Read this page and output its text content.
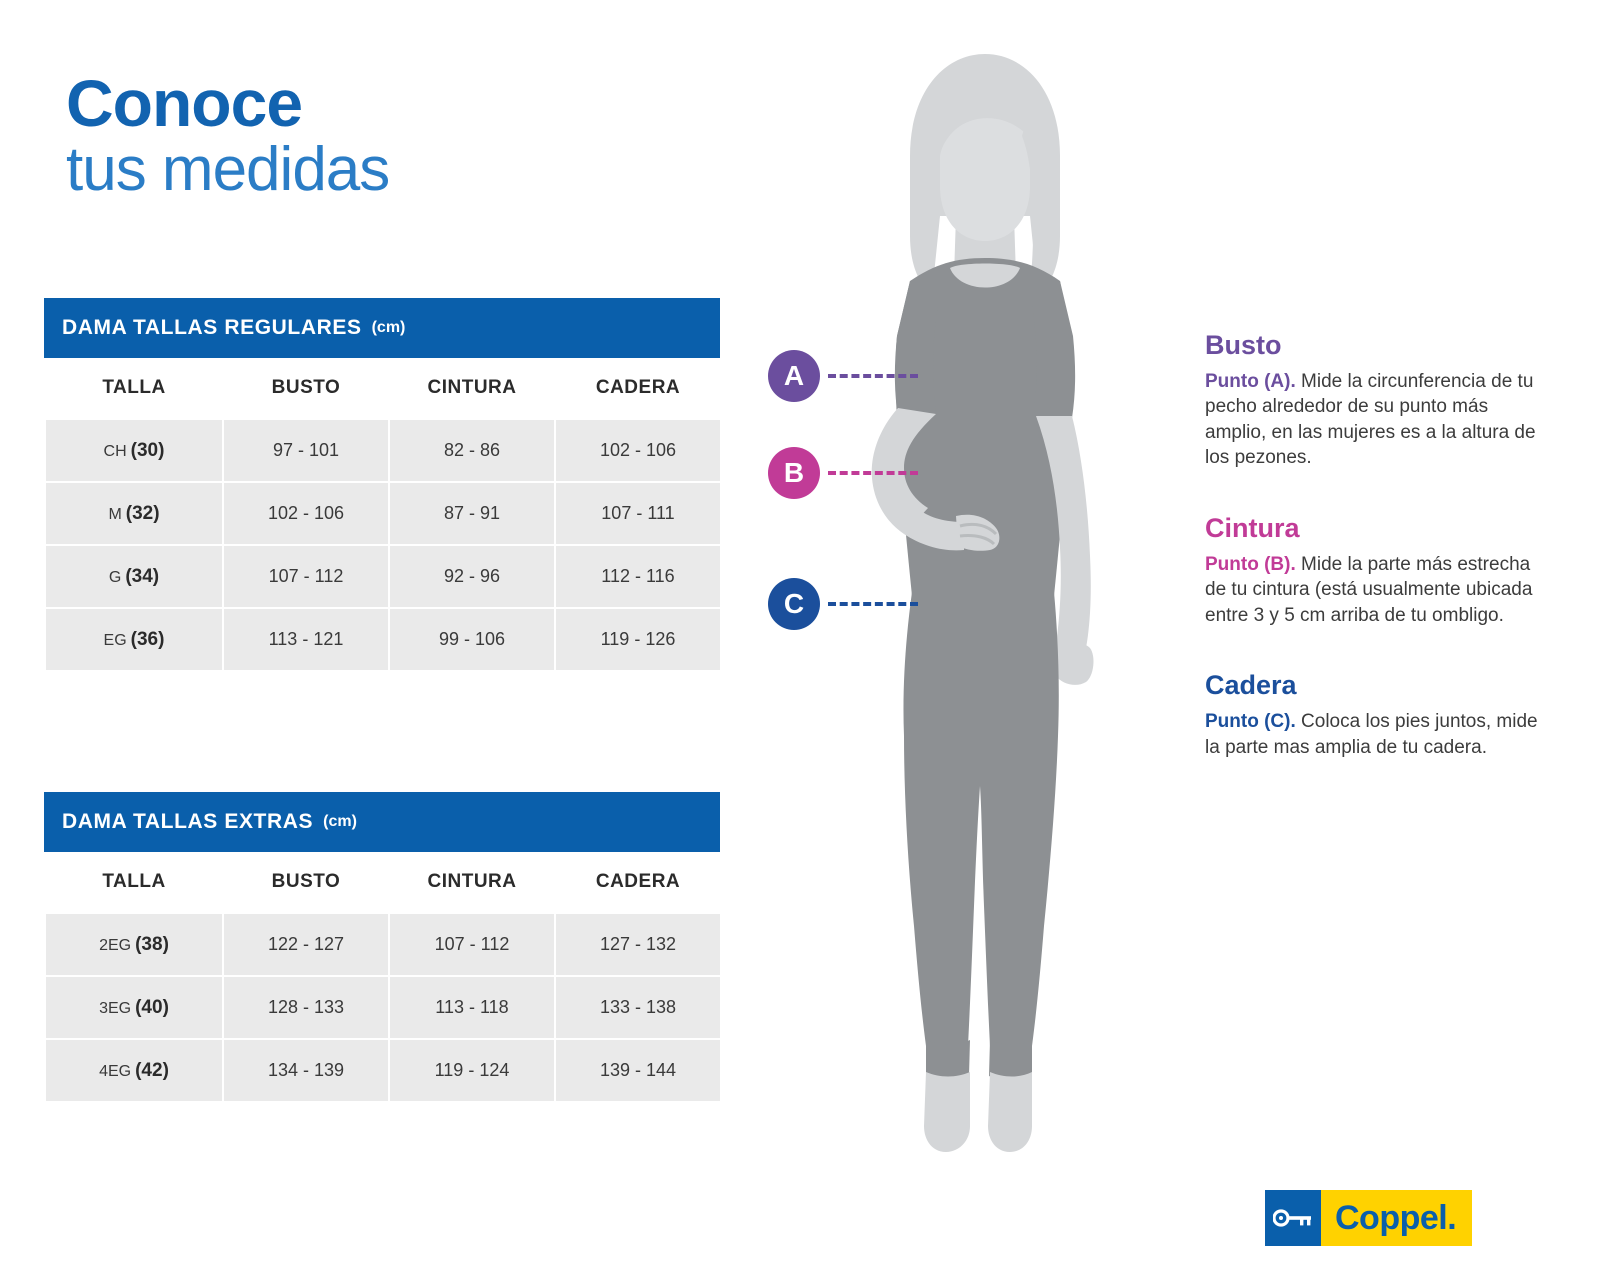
Conoce
tus medidas
DAMA TALLAS REGULARES (cm)
TALLA	BUSTO	CINTURA	CADERA
CH (30)	97 - 101	82 - 86	102 - 106
M (32)	102 - 106	87 - 91	107 - 111
G (34)	107 - 112	92 - 96	112 - 116
EG (36)	113 - 121	99 - 106	119 - 126
DAMA TALLAS EXTRAS (cm)
TALLA	BUSTO	CINTURA	CADERA
2EG (38)	122 - 127	107 - 112	127 - 132
3EG (40)	128 - 133	113 - 118	133 - 138
4EG (42)	134 - 139	119 - 124	139 - 144
A
B
C

Busto

Punto (A). Mide la circunferencia de tu pecho alrededor de su punto más amplio, en las mujeres es a la altura de los pezones.

Cintura

Punto (B). Mide la parte más estrecha de tu cintura (está usualmente ubicada entre 3 y 5 cm arriba de tu ombligo.

Cadera

Punto (C). Coloca los pies juntos, mide la parte mas amplia de tu cadera.

Coppel.
